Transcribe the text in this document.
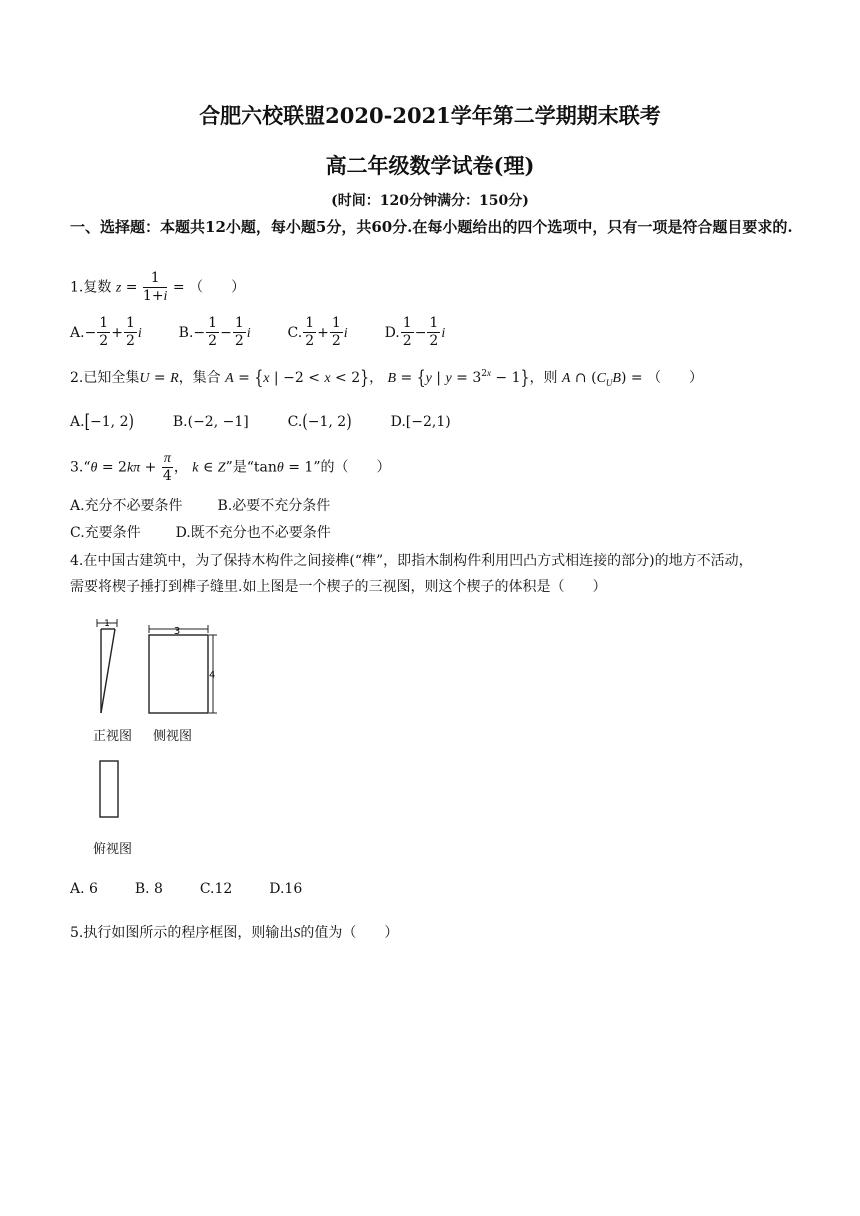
合肥六校联盟2020-2021学年第二学期期末联考
高二年级数学试卷(理)
(时间：120分钟满分：150分)
一、选择题：本题共12小题，每小题5分，共60分.在每小题给出的四个选项中，只有一项是符合题目要求的.
1.复数 $z = \frac{1}{1+i}$ = （　　）
$A.- \frac{1}{2} + \frac{1}{2}$ i	$B.- \frac{1}{2} - \frac{1}{2}$ i	C. $\frac{1}{2} + \frac{1}{2}$ i	D. $\frac{1}{2} - \frac{1}{2}$ i
2.已知全集U = R，集合 A = {x | −2 < x < 2}， B = {y | $y = 3^{2x} - 1$}，则 A ∩ $(C_UB)$ = （　　）
A.[−1, 2)	B.(−2, −1]	C.(−1, 2)	D.[−2,1)
3.“θ = $2k\pi + \frac{\pi}{4}$ ， k ∈ Z”是“tanθ = 1”的（　　）
A.充分不必要条件 B.必要不充分条件
C.充要条件 D.既不充分也不必要条件
4.在中国古建筑中，为了保持木构件之间接榫(“榫”，即指木制构件利用凹凸方式相连接的部分)的地方不活动，
需要将楔子捶打到榫子缝里.如上图是一个楔子的三视图，则这个楔子的体积是（　　）
1
3
4
正视图 侧视图
俯视图
A. 6	B. 8	C.12	D.16
5.执行如图所示的程序框图，则输出S的值为（　　）
